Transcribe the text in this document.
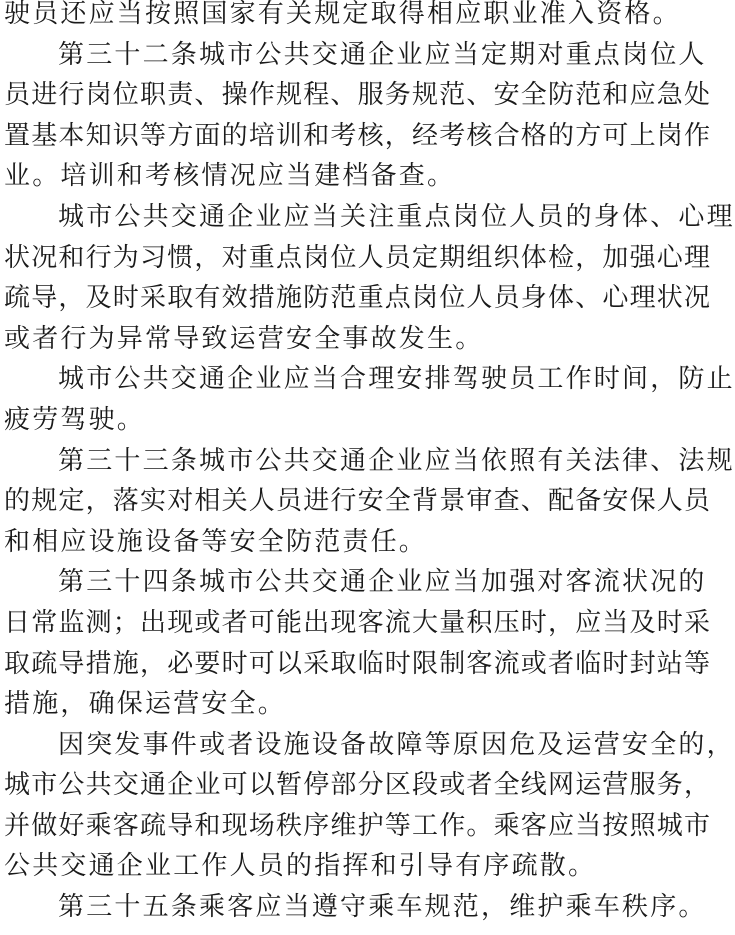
驶员还应当按照国家有关规定取得相应职业准入资格。
第三十二条城市公共交通企业应当定期对重点岗位人
员进行岗位职责、操作规程、服务规范、安全防范和应急处
置基本知识等方面的培训和考核，经考核合格的方可上岗作
业。培训和考核情况应当建档备查。
城市公共交通企业应当关注重点岗位人员的身体、心理
状况和行为习惯，对重点岗位人员定期组织体检，加强心理
疏导，及时采取有效措施防范重点岗位人员身体、心理状况
或者行为异常导致运营安全事故发生。
城市公共交通企业应当合理安排驾驶员工作时间，防止
疲劳驾驶。
第三十三条城市公共交通企业应当依照有关法律、法规
的规定，落实对相关人员进行安全背景审查、配备安保人员
和相应设施设备等安全防范责任。
第三十四条城市公共交通企业应当加强对客流状况的
日常监测；出现或者可能出现客流大量积压时，应当及时采
取疏导措施，必要时可以采取临时限制客流或者临时封站等
措施，确保运营安全。
因突发事件或者设施设备故障等原因危及运营安全的，
城市公共交通企业可以暂停部分区段或者全线网运营服务，
并做好乘客疏导和现场秩序维护等工作。乘客应当按照城市
公共交通企业工作人员的指挥和引导有序疏散。
第三十五条乘客应当遵守乘车规范，维护乘车秩序。
